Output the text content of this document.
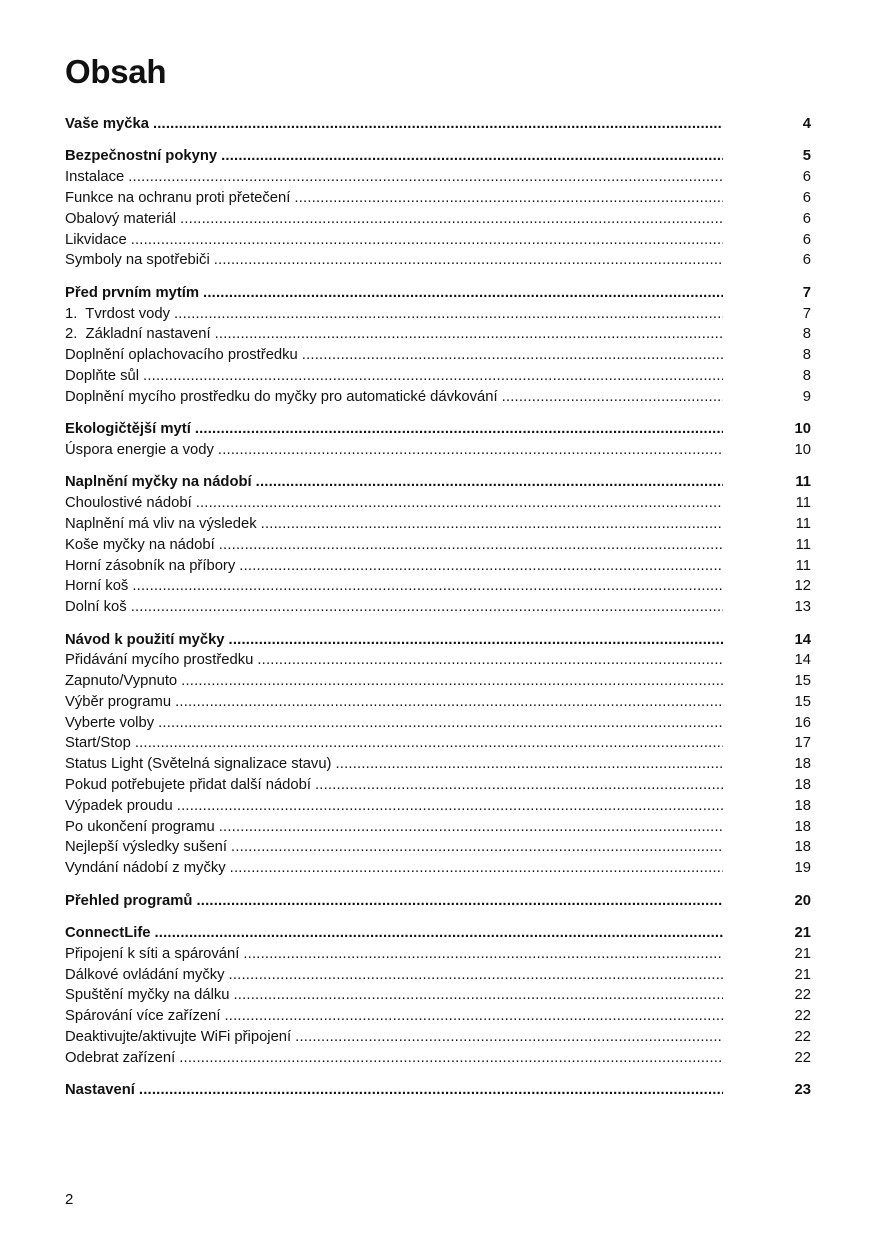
Obsah
Vaše myčka .....	4
Bezpečnostní pokyny .....	5
Instalace .....	6
Funkce na ochranu proti přetečení .....	6
Obalový materiál .....	6
Likvidace .....	6
Symboly na spotřebiči .....	6
Před prvním mytím .....	7
1.  Tvrdost vody .....	7
2.  Základní nastavení .....	8
Doplnění oplachovacího prostředku .....	8
Doplňte sůl .....	8
Doplnění mycího prostředku do myčky pro automatické dávkování .....	9
Ekologičtější mytí .....	10
Úspora energie a vody .....	10
Naplnění myčky na nádobí .....	11
Choulostivé nádobí .....	11
Naplnění má vliv na výsledek .....	11
Koše myčky na nádobí .....	11
Horní zásobník na příbory .....	11
Horní koš .....	12
Dolní koš .....	13
Návod k použití myčky .....	14
Přidávání mycího prostředku .....	14
Zapnuto/Vypnuto .....	15
Výběr programu .....	15
Vyberte volby .....	16
Start/Stop .....	17
Status Light (Světelná signalizace stavu) .....	18
Pokud potřebujete přidat další nádobí .....	18
Výpadek proudu .....	18
Po ukončení programu .....	18
Nejlepší výsledky sušení .....	18
Vyndání nádobí z myčky .....	19
Přehled programů .....	20
ConnectLife .....	21
Připojení k síti a spárování .....	21
Dálkové ovládání myčky .....	21
Spuštění myčky na dálku .....	22
Spárování více zařízení .....	22
Deaktivujte/aktivujte WiFi připojení .....	22
Odebrat zařízení .....	22
Nastavení .....	23
2
